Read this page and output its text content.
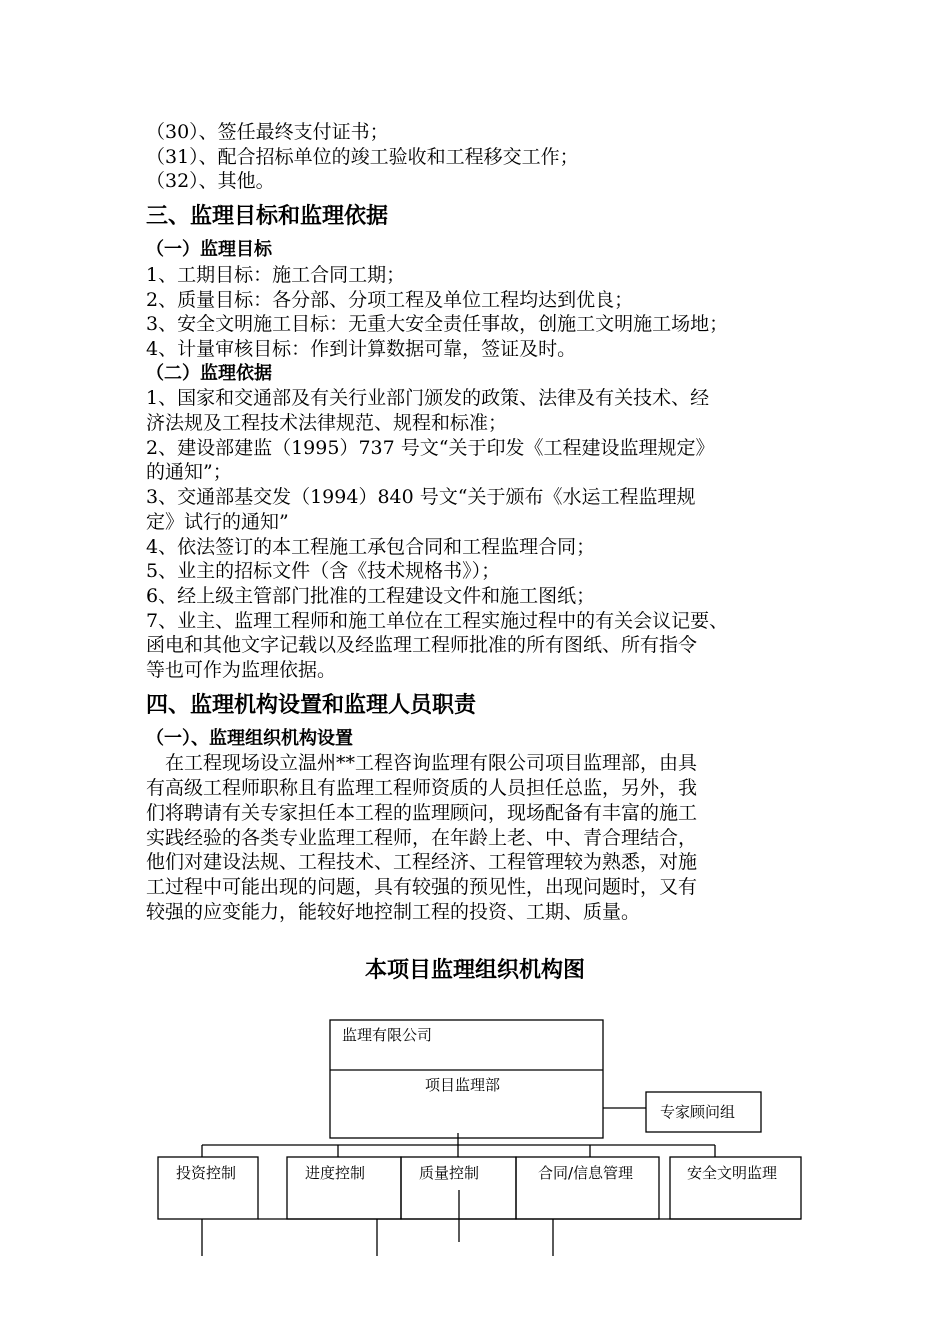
（30）、签任最终支付证书；
（31）、配合招标单位的竣工验收和工程移交工作；
（32）、其他。
三、监理目标和监理依据
（一）监理目标
1、工期目标：施工合同工期；
2、质量目标：各分部、分项工程及单位工程均达到优良；
3、安全文明施工目标：无重大安全责任事故，创施工文明施工场地；
4、计量审核目标：作到计算数据可靠，签证及时。
（二）监理依据
1、国家和交通部及有关行业部门颁发的政策、法律及有关技术、经
济法规及工程技术法律规范、规程和标准；
2、建设部建监（1995）737 号文“关于印发《工程建设监理规定》
的通知”；
3、交通部基交发（1994）840 号文“关于颁布《水运工程监理规
定》试行的通知”
4、依法签订的本工程施工承包合同和工程监理合同；
5、业主的招标文件（含《技术规格书》）；
6、经上级主管部门批准的工程建设文件和施工图纸；
7、业主、监理工程师和施工单位在工程实施过程中的有关会议记要、
函电和其他文字记载以及经监理工程师批准的所有图纸、所有指令
等也可作为监理依据。
四、监理机构设置和监理人员职责
（一）、监理组织机构设置
　在工程现场设立温州**工程咨询监理有限公司项目监理部，由具
有高级工程师职称且有监理工程师资质的人员担任总监，另外，我
们将聘请有关专家担任本工程的监理顾问，现场配备有丰富的施工
实践经验的各类专业监理工程师，在年龄上老、中、青合理结合，
他们对建设法规、工程技术、工程经济、工程管理较为熟悉，对施
工过程中可能出现的问题，具有较强的预见性，出现问题时，又有
较强的应变能力，能较好地控制工程的投资、工期、质量。
本项目监理组织机构图
监理有限公司
项目监理部
专家顾问组
投资控制	进度控制	质量控制	合同/信息管理	安全文明监理
